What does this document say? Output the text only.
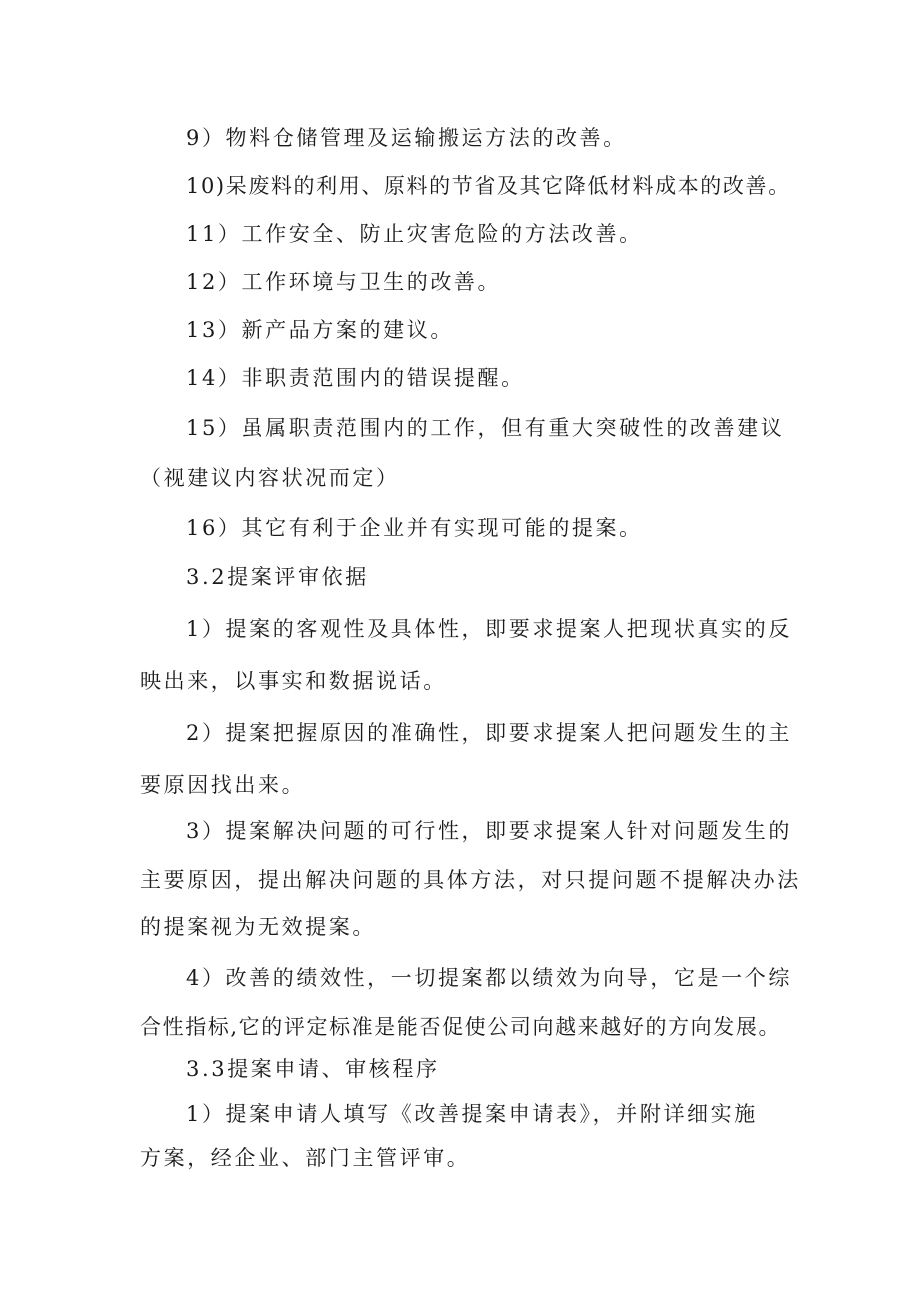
9）物料仓储管理及运输搬运方法的改善。
10)呆废料的利用、原料的节省及其它降低材料成本的改善。
11）工作安全、防止灾害危险的方法改善。
12）工作环境与卫生的改善。
13）新产品方案的建议。
14）非职责范围内的错误提醒。
15）虽属职责范围内的工作，但有重大突破性的改善建议
（视建议内容状况而定）
16）其它有利于企业并有实现可能的提案。
3.2提案评审依据
1）提案的客观性及具体性，即要求提案人把现状真实的反
映出来，以事实和数据说话。
2）提案把握原因的准确性，即要求提案人把问题发生的主
要原因找出来。
3）提案解决问题的可行性，即要求提案人针对问题发生的
主要原因，提出解决问题的具体方法，对只提问题不提解决办法
的提案视为无效提案。
4）改善的绩效性，一切提案都以绩效为向导，它是一个综
合性指标,它的评定标准是能否促使公司向越来越好的方向发展。
3.3提案申请、审核程序
1）提案申请人填写《改善提案申请表》，并附详细实施
方案，经企业、部门主管评审。
